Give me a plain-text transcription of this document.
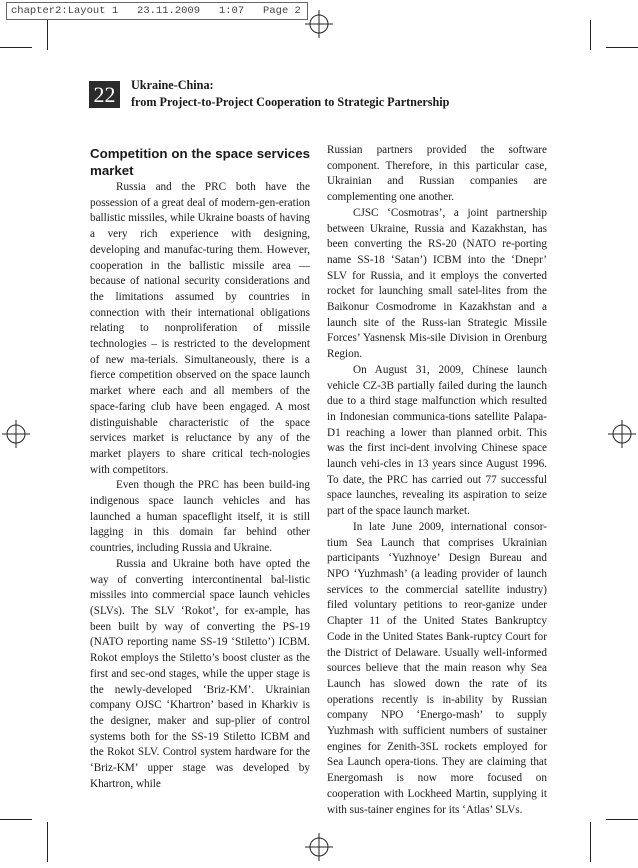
chapter2:Layout 1   23.11.2009   1:07   Page 2
22	Ukraine-China:
from Project-to-Project Cooperation to Strategic Partnership
Competition on the space services market

Russia and the PRC both have the possession of a great deal of modern-gen-eration ballistic missiles, while Ukraine boasts of having a very rich experience with designing, developing and manufac-turing them. However, cooperation in the ballistic missile area — because of national security considerations and the limitations assumed by countries in connection with their international obligations relating to nonproliferation of missile technologies – is restricted to the development of new ma-terials. Simultaneously, there is a fierce competition observed on the space launch market where each and all members of the space-faring club have been engaged. A most distinguishable characteristic of the space services market is reluctance by any of the market players to share critical tech-nologies with competitors.

Even though the PRC has been build-ing indigenous space launch vehicles and has launched a human spaceflight itself, it is still lagging in this domain far behind other countries, including Russia and Ukraine.

Russia and Ukraine both have opted the way of converting intercontinental bal-listic missiles into commercial space launch vehicles (SLVs). The SLV ‘Rokot’, for ex-ample, has been built by way of converting the PS-19 (NATO reporting name SS-19 ‘Stiletto’) ICBM. Rokot employs the Stiletto’s boost cluster as the first and sec-ond stages, while the upper stage is the newly-developed ‘Briz-KM’. Ukrainian company OJSC ‘Khartron’ based in Kharkiv is the designer, maker and sup-plier of control systems both for the SS-19 Stiletto ICBM and the Rokot SLV. Control system hardware for the ‘Briz-KM’ upper stage was developed by Khartron, while

Russian partners provided the software component. Therefore, in this particular case, Ukrainian and Russian companies are complementing one another.

CJSC ‘Cosmotras’, a joint partnership between Ukraine, Russia and Kazakhstan, has been converting the RS-20 (NATO re-porting name SS-18 ‘Satan’) ICBM into the ‘Dnepr’ SLV for Russia, and it employs the converted rocket for launching small satel-lites from the Baikonur Cosmodrome in Kazakhstan and a launch site of the Russ-ian Strategic Missile Forces’ Yasnensk Mis-sile Division in Orenburg Region.

On August 31, 2009, Chinese launch vehicle CZ-3B partially failed during the launch due to a third stage malfunction which resulted in Indonesian communica-tions satellite Palapa-D1 reaching a lower than planned orbit. This was the first inci-dent involving Chinese space launch vehi-cles in 13 years since August 1996. To date, the PRC has carried out 77 successful space launches, revealing its aspiration to seize part of the space launch market.

In late June 2009, international consor-tium Sea Launch that comprises Ukrainian participants ‘Yuzhnoye’ Design Bureau and NPO ‘Yuzhmash’ (a leading provider of launch services to the commercial satellite industry) filed voluntary petitions to reor-ganize under Chapter 11 of the United States Bankruptcy Code in the United States Bank-ruptcy Court for the District of Delaware. Usually well-informed sources believe that the main reason why Sea Launch has slowed down the rate of its operations recently is in-ability by Russian company NPO ‘Energo-mash’ to supply Yuzhmash with sufficient numbers of sustainer engines for Zenith-3SL rockets employed for Sea Launch opera-tions. They are claiming that Energomash is now more focused on cooperation with Lockheed Martin, supplying it with sus-tainer engines for its ‘Atlas’ SLVs.
